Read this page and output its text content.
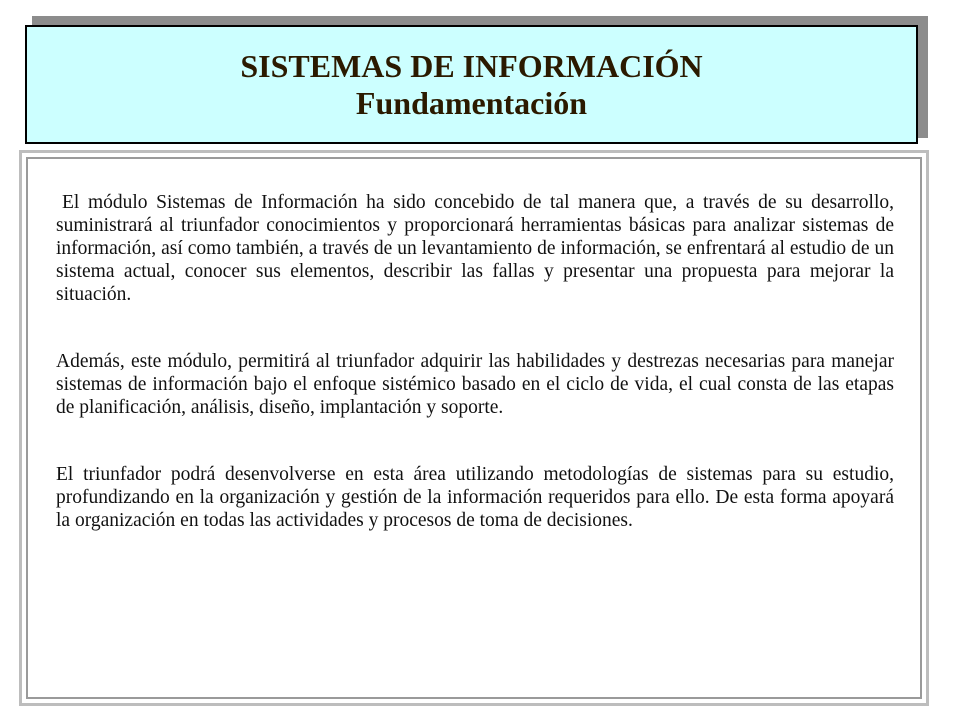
SISTEMAS DE INFORMACIÓN
Fundamentación

El módulo Sistemas de Información ha sido concebido de tal manera que, a través de su desarrollo, suministrará al triunfador conocimientos y proporcionará herramientas básicas para analizar sistemas de información, así como también, a través de un levantamiento de información, se enfrentará al estudio de un sistema actual, conocer sus elementos, describir las fallas y presentar una propuesta para mejorar la situación.

Además, este módulo, permitirá al triunfador adquirir las habilidades y destrezas necesarias para manejar sistemas de información bajo el enfoque sistémico basado en el ciclo de vida, el cual consta de las etapas de planificación, análisis, diseño, implantación y soporte.

El triunfador podrá desenvolverse en esta área utilizando metodologías de sistemas para su estudio, profundizando en la organización y gestión de la información requeridos para ello. De esta forma apoyará la organización en todas las actividades y procesos de toma de decisiones.
